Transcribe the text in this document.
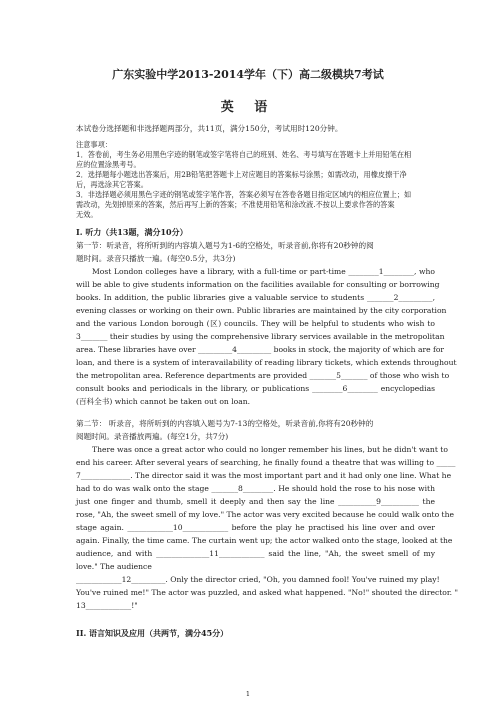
广东实验中学2013-2014学年（下）高二级模块7考试
英 语
本试卷分选择题和非选择题两部分，共11页，满分150分，考试用时120分钟。
注意事项：
1．答卷前，考生务必用黑色字迹的钢笔或签字笔将自己的班别、姓名、考号填写在答题卡上并用铅笔在相
应的位置涂黑考号。
2．选择题每小题选出答案后，用2B铅笔把答题卡上对应题目的答案标号涂黑；如需改动，用橡皮擦干净
后，再选涂其它答案。
3．非选择题必须用黑色字迹的钢笔或签字笔作答，答案必须写在答卷各题目指定区域内的相应位置上；如
需改动，先划掉原来的答案，然后再写上新的答案；不准使用铅笔和涂改液.不按以上要求作答的答案
无效。
I. 听力（共13题，满分10分）
第一节：听录音，将所听到的内容填入题号为1-6的空格处，听录音前,你将有20秒钟的阅
题时间。录音只播放一遍。(每空0.5分，共3分)
Most London colleges have a library, with a full-time or part-time ________1________, who
will be able to give students information on the facilities available for consulting or borrowing
books. In addition, the public libraries give a valuable service to students _______2_________,
evening classes or working on their own. Public libraries are maintained by the city corporation
and the various London borough (区) councils. They will be helpful to students who wish to
3_______ their studies by using the comprehensive library services available in the metropolitan
area. These libraries have over _________4_________ books in stock, the majority of which are for
loan, and there is a system of interavailability of reading library tickets, which extends throughout
the metropolitan area. Reference departments are provided _______5_______ of those who wish to
consult books and periodicals in the library, or publications ________6________ encyclopedias
(百科全书) which cannot be taken out on loan.
第二节： 听录音，将所听到的内容填入题号为7-13的空格处，听录音前,你将有20秒钟的
阅题时间。录音播放两遍。(每空1分，共7分)
There was once a great actor who could no longer remember his lines, but he didn't want to
end his career. After several years of searching, he finally found a theatre that was willing to _____
7_____________. The director said it was the most important part and it had only one line. What he
had to do was walk onto the stage _______8________. He should hold the rose to his nose with
just one finger and thumb, smell it deeply and then say the line __________9__________ the
rose, "Ah, the sweet smell of my love." The actor was very excited because he could walk onto the
stage again. ____________10____________ before the play he practised his line over and over
again. Finally, the time came. The curtain went up; the actor walked onto the stage, looked at the
audience, and with ______________11____________ said the line, "Ah, the sweet smell of my
love." The audience
____________12_________. Only the director cried, "Oh, you damned fool! You've ruined my play!
You've ruined me!" The actor was puzzled, and asked what happened. "No!" shouted the director. "
13____________!"
II. 语言知识及应用（共两节，满分45分）
1
